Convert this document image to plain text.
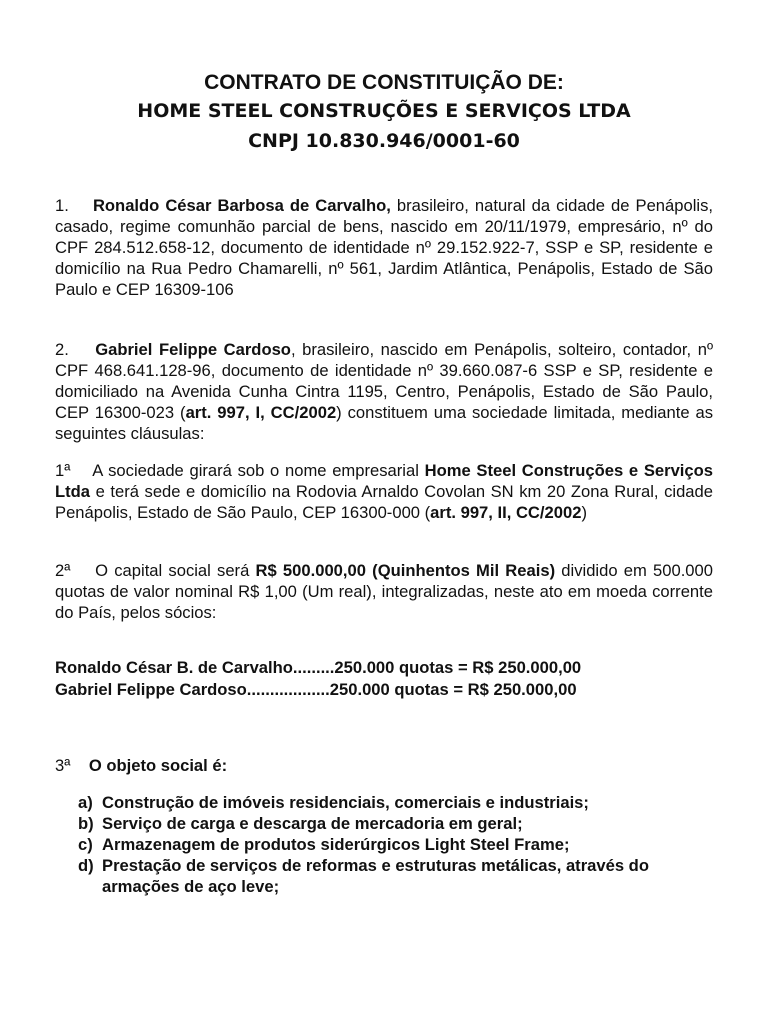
CONTRATO DE CONSTITUIÇÃO DE:
HOME STEEL CONSTRUÇÕES E SERVIÇOS LTDA
CNPJ 10.830.946/0001-60
1. Ronaldo César Barbosa de Carvalho, brasileiro, natural da cidade de Penápolis, casado, regime comunhão parcial de bens, nascido em 20/11/1979, empresário, nº do CPF 284.512.658-12, documento de identidade nº 29.152.922-7, SSP e SP, residente e domicílio na Rua Pedro Chamarelli, nº 561, Jardim Atlântica, Penápolis, Estado de São Paulo e CEP 16309-106
2. Gabriel Felippe Cardoso, brasileiro, nascido em Penápolis, solteiro, contador, nº CPF 468.641.128-96, documento de identidade nº 39.660.087-6 SSP e SP, residente e domiciliado na Avenida Cunha Cintra 1195, Centro, Penápolis, Estado de São Paulo, CEP 16300-023 (art. 997, I, CC/2002) constituem uma sociedade limitada, mediante as seguintes cláusulas:
1ª A sociedade girará sob o nome empresarial Home Steel Construções e Serviços Ltda e terá sede e domicílio na Rodovia Arnaldo Covolan SN km 20 Zona Rural, cidade Penápolis, Estado de São Paulo, CEP 16300-000 (art. 997, II, CC/2002)
2ª O capital social será R$ 500.000,00 (Quinhentos Mil Reais) dividido em 500.000 quotas de valor nominal R$ 1,00 (Um real), integralizadas, neste ato em moeda corrente do País, pelos sócios:
Ronaldo César B. de Carvalho.........250.000 quotas = R$ 250.000,00
Gabriel Felippe Cardoso..................250.000 quotas = R$ 250.000,00
3ª O objeto social é:
a) Construção de imóveis residenciais, comerciais e industriais;
b) Serviço de carga e descarga de mercadoria em geral;
c) Armazenagem de produtos siderúrgicos Light Steel Frame;
d) Prestação de serviços de reformas e estruturas metálicas, através do armações de aço leve;
